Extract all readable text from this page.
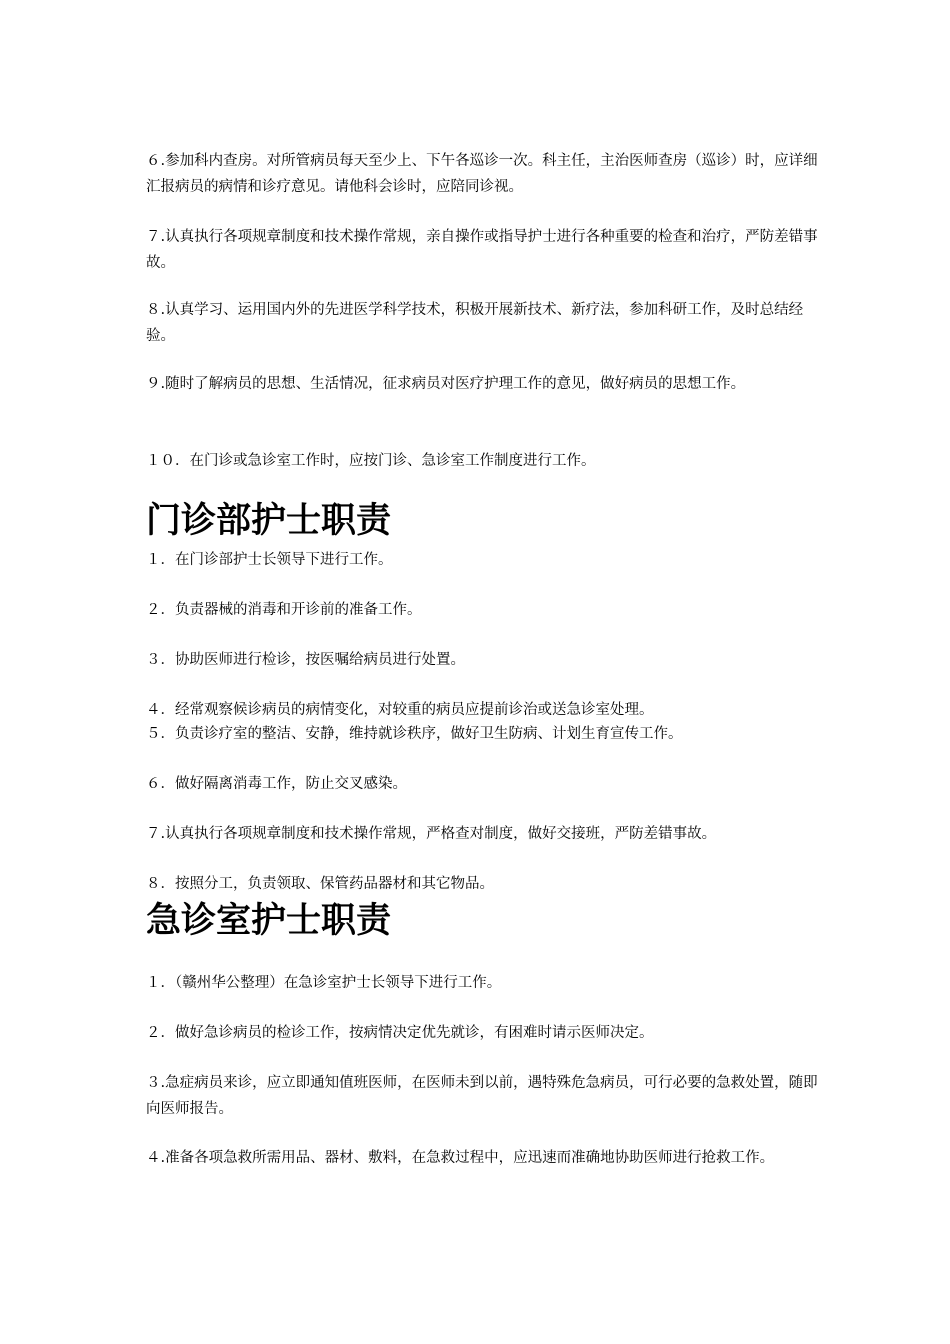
６.参加科内查房。对所管病员每天至少上、下午各巡诊一次。科主任，主治医师查房（巡诊）时，应详细汇报病员的病情和诊疗意见。请他科会诊时，应陪同诊视。

７.认真执行各项规章制度和技术操作常规，亲自操作或指导护士进行各种重要的检查和治疗，严防差错事故。

８.认真学习、运用国内外的先进医学科学技术，积极开展新技术、新疗法，参加科研工作，及时总结经验。

９.随时了解病员的思想、生活情况，征求病员对医疗护理工作的意见，做好病员的思想工作。

１０．在门诊或急诊室工作时，应按门诊、急诊室工作制度进行工作。

门诊部护士职责

１．在门诊部护士长领导下进行工作。

２．负责器械的消毒和开诊前的准备工作。

３．协助医师进行检诊，按医嘱给病员进行处置。

４．经常观察候诊病员的病情变化，对较重的病员应提前诊治或送急诊室处理。

５．负责诊疗室的整洁、安静，维持就诊秩序，做好卫生防病、计划生育宣传工作。

６．做好隔离消毒工作，防止交叉感染。

７.认真执行各项规章制度和技术操作常规，严格查对制度，做好交接班，严防差错事故。

８．按照分工，负责领取、保管药品器材和其它物品。

急诊室护士职责

１．（赣州华公整理）在急诊室护士长领导下进行工作。

２．做好急诊病员的检诊工作，按病情决定优先就诊，有困难时请示医师决定。

３.急症病员来诊，应立即通知值班医师，在医师未到以前，遇特殊危急病员，可行必要的急救处置，随即向医师报告。

４.准备各项急救所需用品、器材、敷料，在急救过程中，应迅速而准确地协助医师进行抢救工作。
